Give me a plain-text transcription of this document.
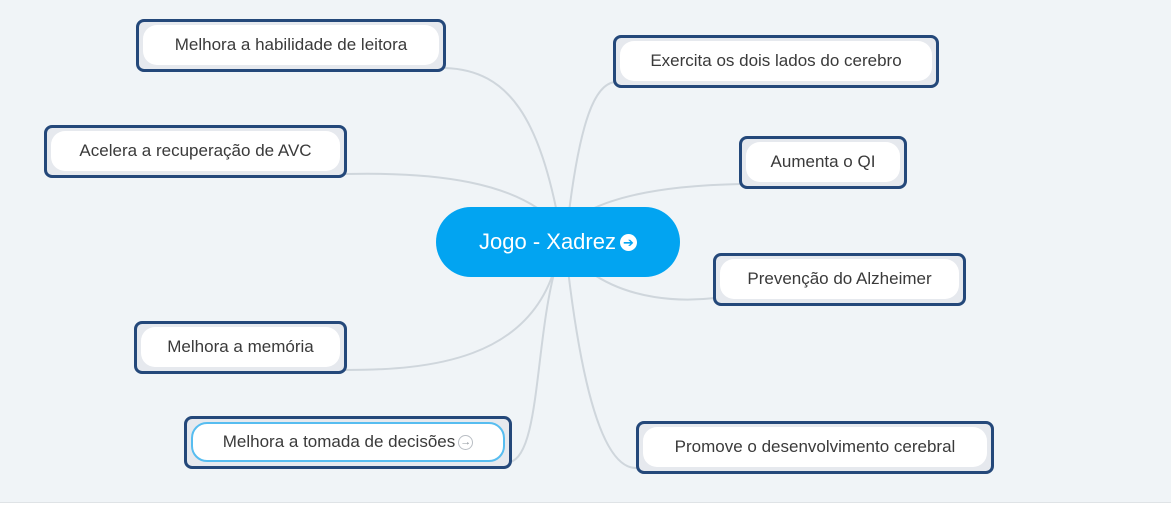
Jogo - Xadrez ➔
Melhora a habilidade de leitora
Acelera a recuperação de AVC
Melhora a memória
Melhora a tomada de decisões →
Exercita os dois lados do cerebro
Aumenta o QI
Prevenção do Alzheimer
Promove o desenvolvimento cerebral
